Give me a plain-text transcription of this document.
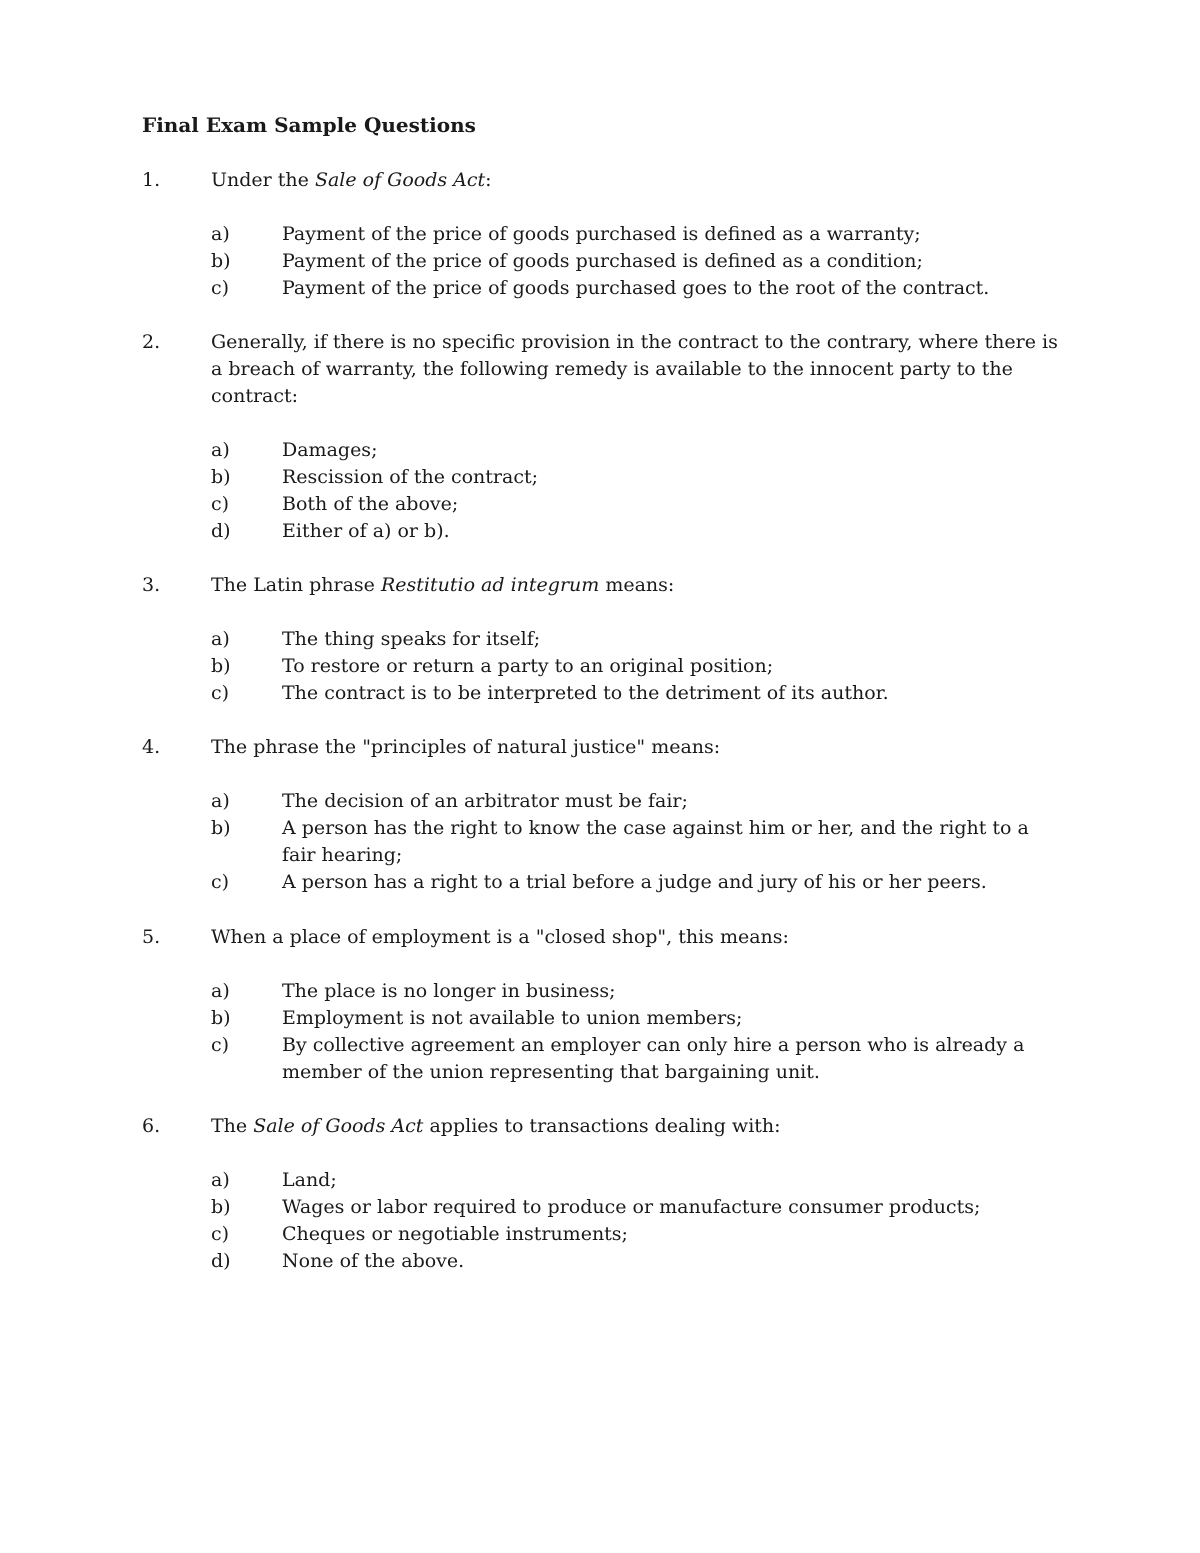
Final Exam Sample Questions
1.	Under the Sale of Goods Act:
a)	Payment of the price of goods purchased is defined as a warranty;
b)	Payment of the price of goods purchased is defined as a condition;
c)	Payment of the price of goods purchased goes to the root of the contract.
2.	Generally, if there is no specific provision in the contract to the contrary, where there is a breach of warranty, the following remedy is available to the innocent party to the contract:
a)	Damages;
b)	Rescission of the contract;
c)	Both of the above;
d)	Either of a) or b).
3.	The Latin phrase Restitutio ad integrum means:
a)	The thing speaks for itself;
b)	To restore or return a party to an original position;
c)	The contract is to be interpreted to the detriment of its author.
4.	The phrase the "principles of natural justice" means:
a)	The decision of an arbitrator must be fair;
b)	A person has the right to know the case against him or her, and the right to a fair hearing;
c)	A person has a right to a trial before a judge and jury of his or her peers.
5.	When a place of employment is a "closed shop", this means:
a)	The place is no longer in business;
b)	Employment is not available to union members;
c)	By collective agreement an employer can only hire a person who is already a member of the union representing that bargaining unit.
6.	The Sale of Goods Act applies to transactions dealing with:
a)	Land;
b)	Wages or labor required to produce or manufacture consumer products;
c)	Cheques or negotiable instruments;
d)	None of the above.
